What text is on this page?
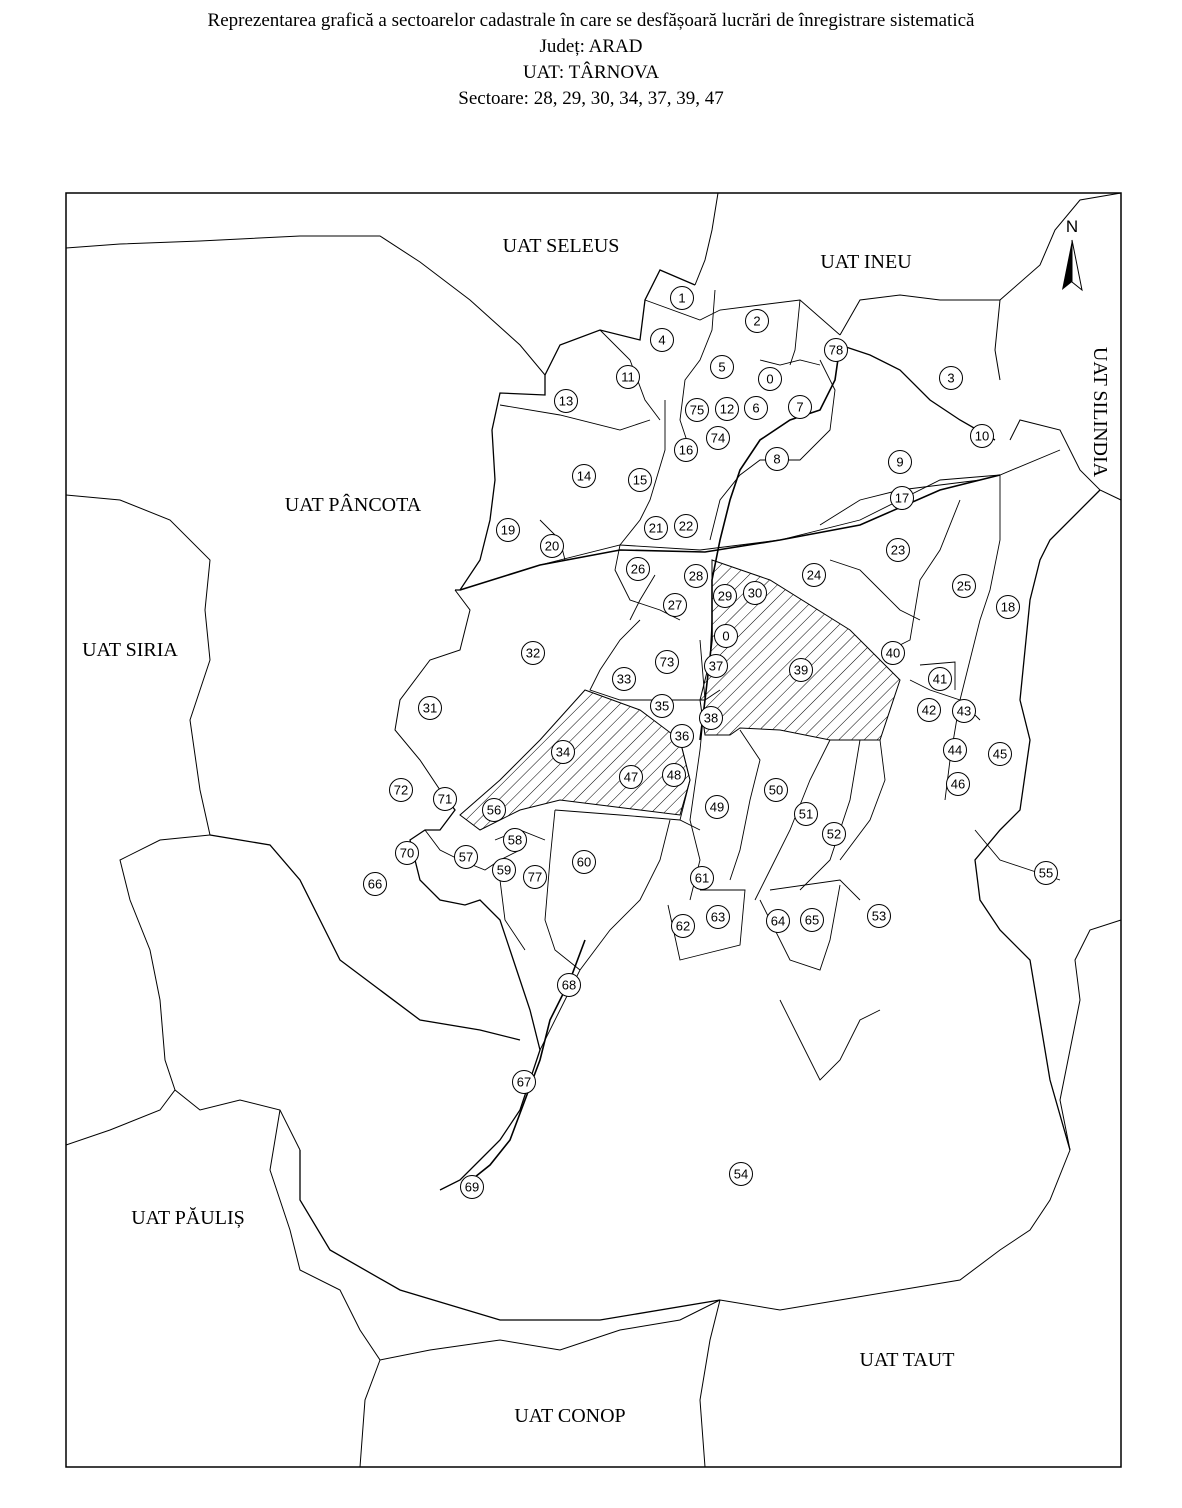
Reprezentarea grafică a sectoarelor cadastrale în care se desfășoară lucrări de înregistrare sistematică
Județ: ARAD
UAT: TÂRNOVA
Sectoare: 28, 29, 30, 34, 37, 39, 47
0
1
2
3
4
5
6	7
8	9
10
11
12
13
14	15
16
17
18
19
20
21 22
23
24
25
26
27
28
29 30
0
31
32
33
34
35
36
37
38
39
40
41
42 43
44 45
46
47 48
49
50
51
52
53
54
55
56
57
58
59
60
61
62
63	64 65
66
67
68
69
70
71
72
73
74
75
77
78
UAT SELEUS
UAT INEU
UAT SILINDIA
UAT PÂNCOTA
UAT SIRIA
UAT PĂULIȘ
UAT TAUT
UAT CONOP
N
